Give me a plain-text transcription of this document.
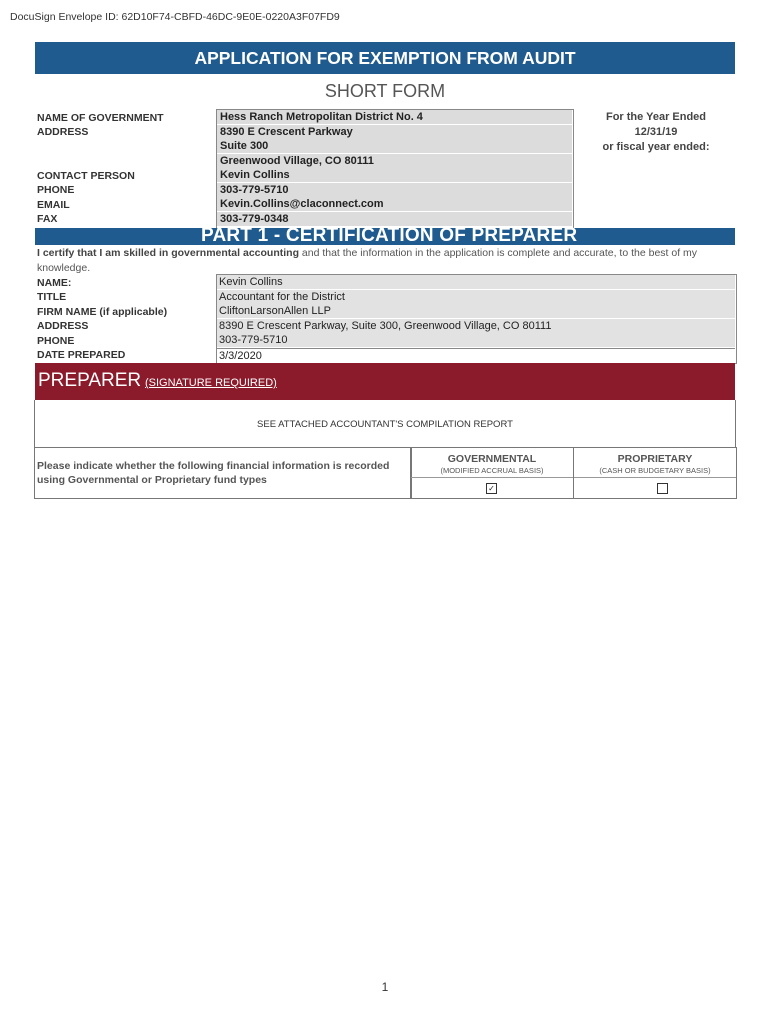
DocuSign Envelope ID: 62D10F74-CBFD-46DC-9E0E-0220A3F07FD9
APPLICATION FOR EXEMPTION FROM AUDIT
SHORT FORM
NAME OF GOVERNMENT
ADDRESS
CONTACT PERSON
PHONE
EMAIL
FAX
Hess Ranch Metropolitan District No. 4
8390 E Crescent Parkway
Suite 300
Greenwood Village, CO 80111
Kevin Collins
303-779-5710
Kevin.Collins@claconnect.com
303-779-0348
For the Year Ended
12/31/19
or fiscal year ended:
PART 1 - CERTIFICATION OF PREPARER
I certify that I am skilled in governmental accounting and that the information in the application is complete and accurate, to the best of my knowledge.
NAME:
TITLE
FIRM NAME (if applicable)
ADDRESS
PHONE
DATE PREPARED
Kevin Collins
Accountant for the District
CliftonLarsonAllen LLP
8390 E Crescent Parkway, Suite 300, Greenwood Village, CO 80111
303-779-5710
3/3/2020
PREPARER (SIGNATURE REQUIRED)
SEE ATTACHED ACCOUNTANT'S COMPILATION REPORT
Please indicate whether the following financial information is recorded using Governmental or Proprietary fund types
GOVERNMENTAL
(MODIFIED ACCRUAL BASIS)
✓
PROPRIETARY
(CASH OR BUDGETARY BASIS)
1
